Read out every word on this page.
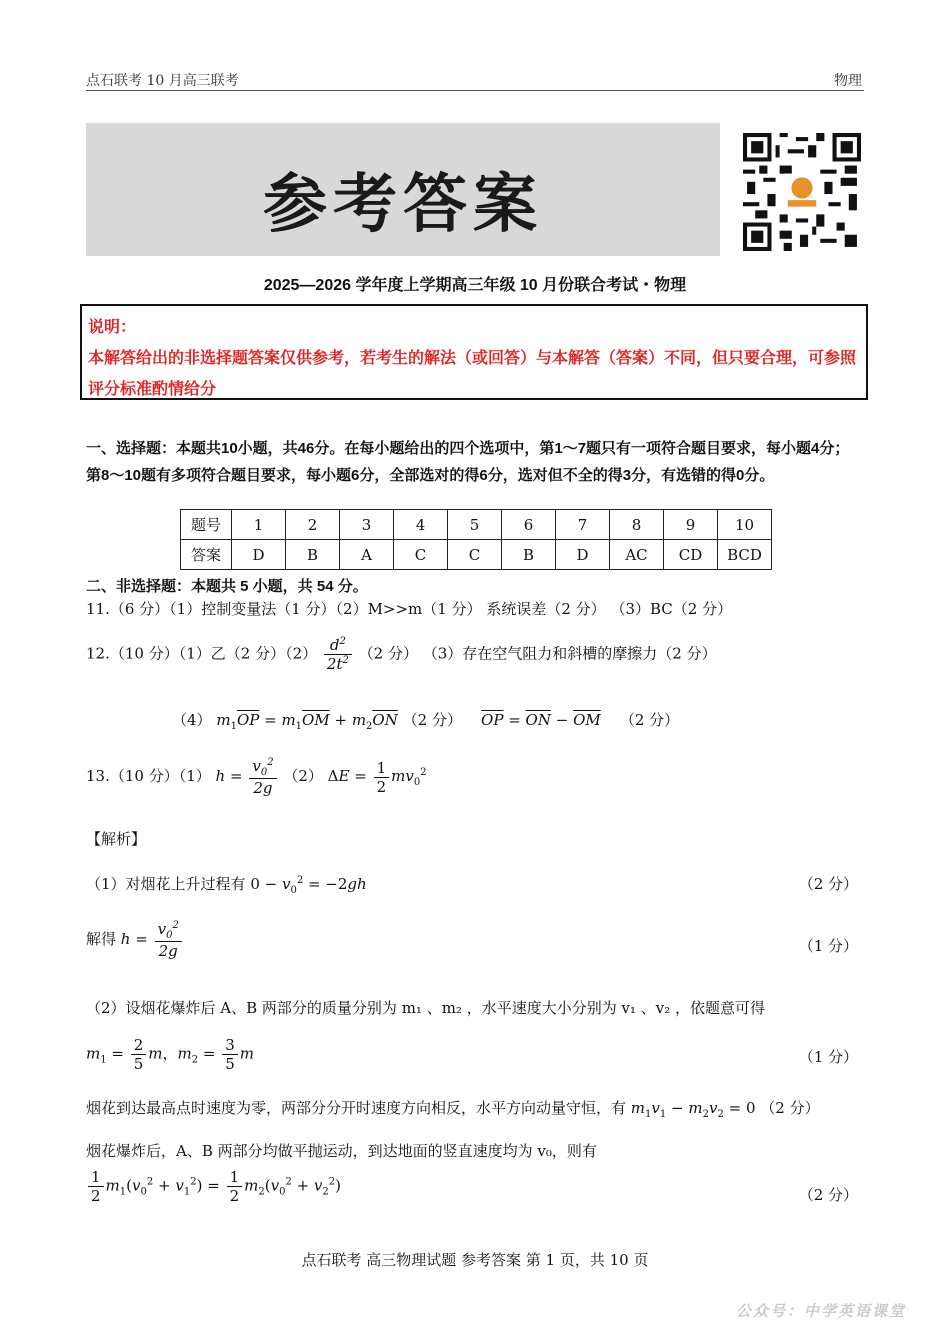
点石联考 10 月高三联考	物理
参考答案
2025—2026 学年度上学期高三年级 10 月份联合考试・物理
说明：
本解答给出的非选择题答案仅供参考，若考生的解法（或回答）与本解答（答案）不同，但只要合理，可参照评分标准酌情给分
一、选择题：本题共10小题，共46分。在每小题给出的四个选项中，第1～7题只有一项符合题目要求，每小题4分；第8～10题有多项符合题目要求，每小题6分，全部选对的得6分，选对但不全的得3分，有选错的得0分。
题号	1	2	3	4	5	6	7	8	9	10
答案	D	B	A	C	C	B	D	AC	CD	BCD
二、非选择题：本题共 5 小题，共 54 分。
11.（6 分）（1）控制变量法（1 分）（2）M>>m（1 分） 系统误差（2 分） （3）BC（2 分）
12.（10 分）（1）乙（2 分）$(2) \frac{d^2}{2t^2} (2$ 分） （3）存在空气阻力和斜槽的摩擦力（2 分）
（4） $m_1\overline{OP} = m_1\overline{OM} + m_2\overline{ON}$ （2 分） $\overline{OP} = \overline{ON} - \overline{OM}$ （2 分）
13.（10 分）（1） $h = \frac{v_0^2}{2g} (2) \Delta E = \frac{1}{2} mv_0^2$
【解析】
（1）对烟花上升过程有 $0 - v_0^2 = -2gh$	（2 分）
解得 $h = \frac{v_0^2}{2g}$	（1 分）
（2）设烟花爆炸后 A、B 两部分的质量分别为 m₁ 、m₂ ，水平速度大小分别为 v₁ 、v₂ ，依题意可得
$m_1 = \frac{2}{5}$ m，$m_2 = \frac{3}{5}$ m	（1 分）
烟花到达最高点时速度为零，两部分分开时速度方向相反，水平方向动量守恒，有 $m_1v_1 - m_2v_2 = 0$ （2 分）
烟花爆炸后，A、B 两部分均做平抛运动，到达地面的竖直速度均为 v₀，则有
$\frac{1}{2} m_1(v_0^2 + v_1^2) = \frac{1}{2} m_2(v_0^2 + v_2^2)$
（2 分）
点石联考 高三物理试题 参考答案 第 1 页，共 10 页
公众号：中学英语课堂
